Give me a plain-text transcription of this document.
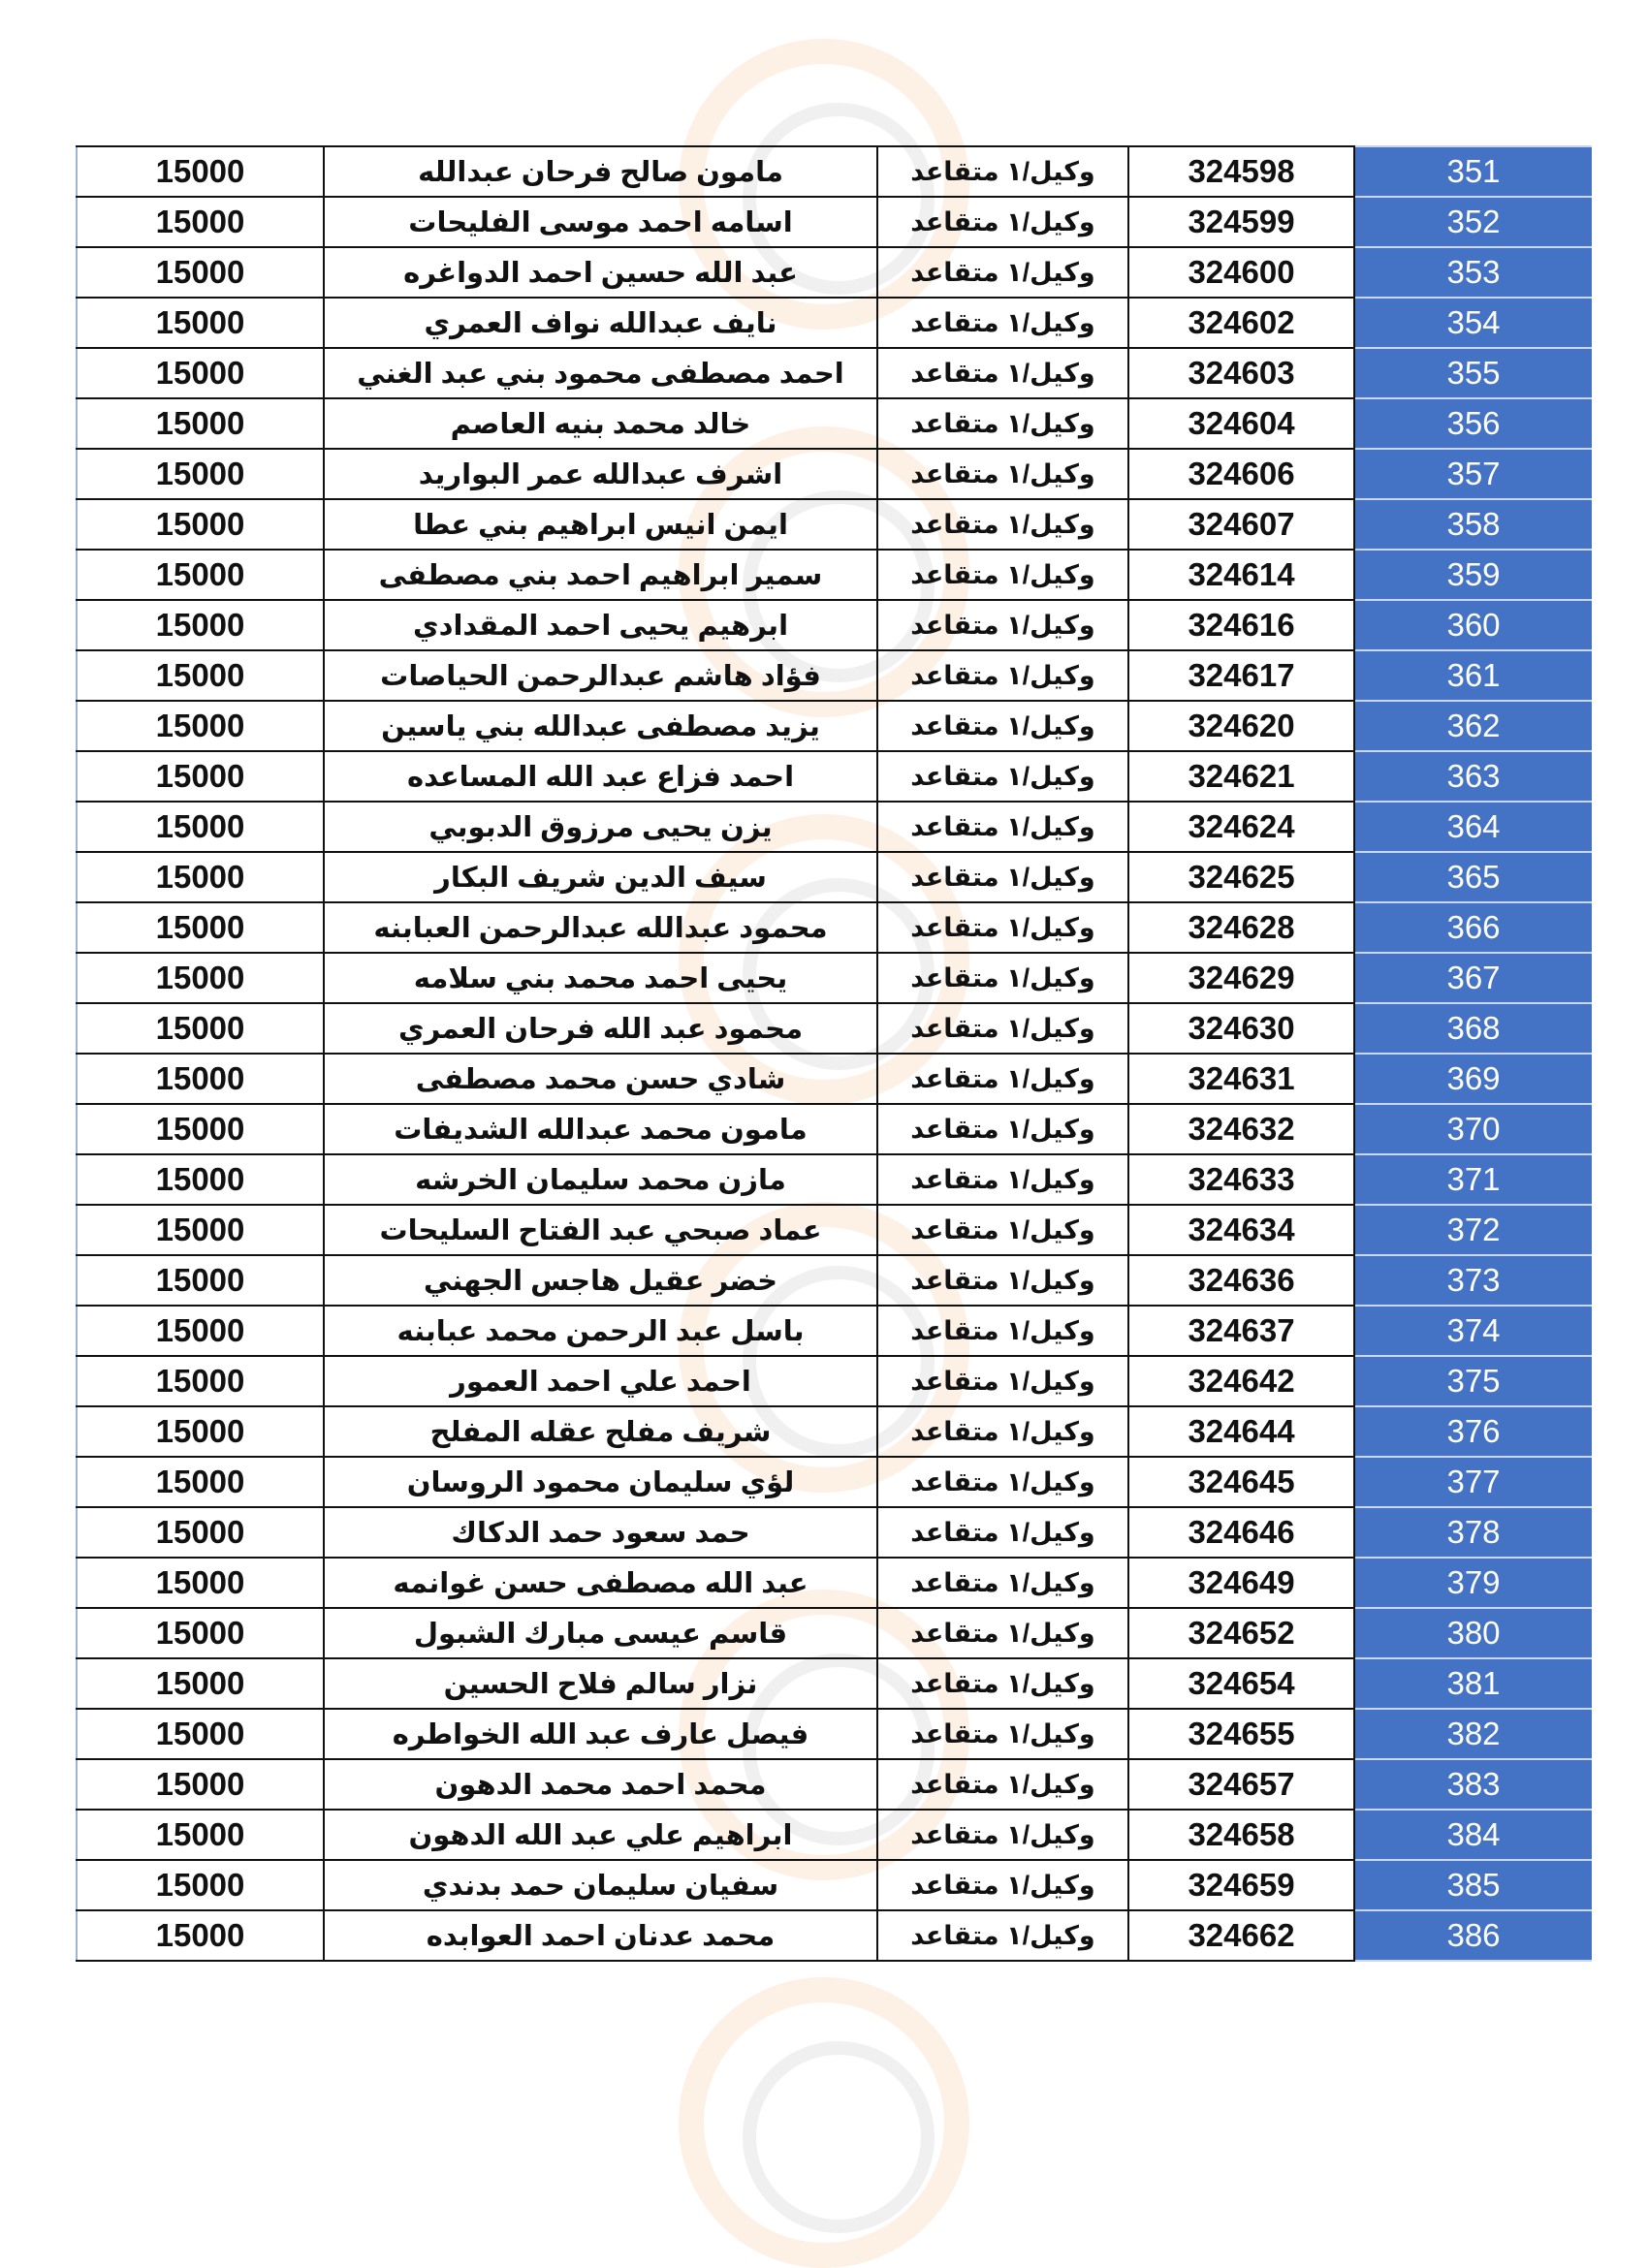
15000	مامون صالح فرحان عبدالله	وكيل/١ متقاعد	324598	351
15000	اسامه احمد موسى الفليحات	وكيل/١ متقاعد	324599	352
15000	عبد الله حسين احمد الدواغره	وكيل/١ متقاعد	324600	353
15000	نايف عبدالله نواف العمري	وكيل/١ متقاعد	324602	354
15000	احمد مصطفى محمود بني عبد الغني	وكيل/١ متقاعد	324603	355
15000	خالد محمد بنيه العاصم	وكيل/١ متقاعد	324604	356
15000	اشرف عبدالله عمر البواريد	وكيل/١ متقاعد	324606	357
15000	ايمن انيس ابراهيم بني عطا	وكيل/١ متقاعد	324607	358
15000	سمير ابراهيم احمد بني مصطفى	وكيل/١ متقاعد	324614	359
15000	ابرهيم يحيى احمد المقدادي	وكيل/١ متقاعد	324616	360
15000	فؤاد هاشم عبدالرحمن الحياصات	وكيل/١ متقاعد	324617	361
15000	يزيد مصطفى عبدالله بني ياسين	وكيل/١ متقاعد	324620	362
15000	احمد فزاع عبد الله المساعده	وكيل/١ متقاعد	324621	363
15000	يزن يحيى مرزوق الدبوبي	وكيل/١ متقاعد	324624	364
15000	سيف الدين شريف البكار	وكيل/١ متقاعد	324625	365
15000	محمود عبدالله عبدالرحمن العبابنه	وكيل/١ متقاعد	324628	366
15000	يحيى احمد محمد بني سلامه	وكيل/١ متقاعد	324629	367
15000	محمود عبد الله فرحان العمري	وكيل/١ متقاعد	324630	368
15000	شادي حسن محمد مصطفى	وكيل/١ متقاعد	324631	369
15000	مامون محمد عبدالله الشديفات	وكيل/١ متقاعد	324632	370
15000	مازن محمد سليمان الخرشه	وكيل/١ متقاعد	324633	371
15000	عماد صبحي عبد الفتاح السليحات	وكيل/١ متقاعد	324634	372
15000	خضر عقيل هاجس الجهني	وكيل/١ متقاعد	324636	373
15000	باسل عبد الرحمن محمد عبابنه	وكيل/١ متقاعد	324637	374
15000	احمد علي احمد العمور	وكيل/١ متقاعد	324642	375
15000	شريف مفلح عقله المفلح	وكيل/١ متقاعد	324644	376
15000	لؤي سليمان محمود الروسان	وكيل/١ متقاعد	324645	377
15000	حمد سعود حمد الدكاك	وكيل/١ متقاعد	324646	378
15000	عبد الله مصطفى حسن غوانمه	وكيل/١ متقاعد	324649	379
15000	قاسم عيسى مبارك الشبول	وكيل/١ متقاعد	324652	380
15000	نزار سالم فلاح الحسين	وكيل/١ متقاعد	324654	381
15000	فيصل عارف عبد الله الخواطره	وكيل/١ متقاعد	324655	382
15000	محمد احمد محمد الدهون	وكيل/١ متقاعد	324657	383
15000	ابراهيم علي عبد الله الدهون	وكيل/١ متقاعد	324658	384
15000	سفيان سليمان حمد بدندي	وكيل/١ متقاعد	324659	385
15000	محمد عدنان احمد العوابده	وكيل/١ متقاعد	324662	386
